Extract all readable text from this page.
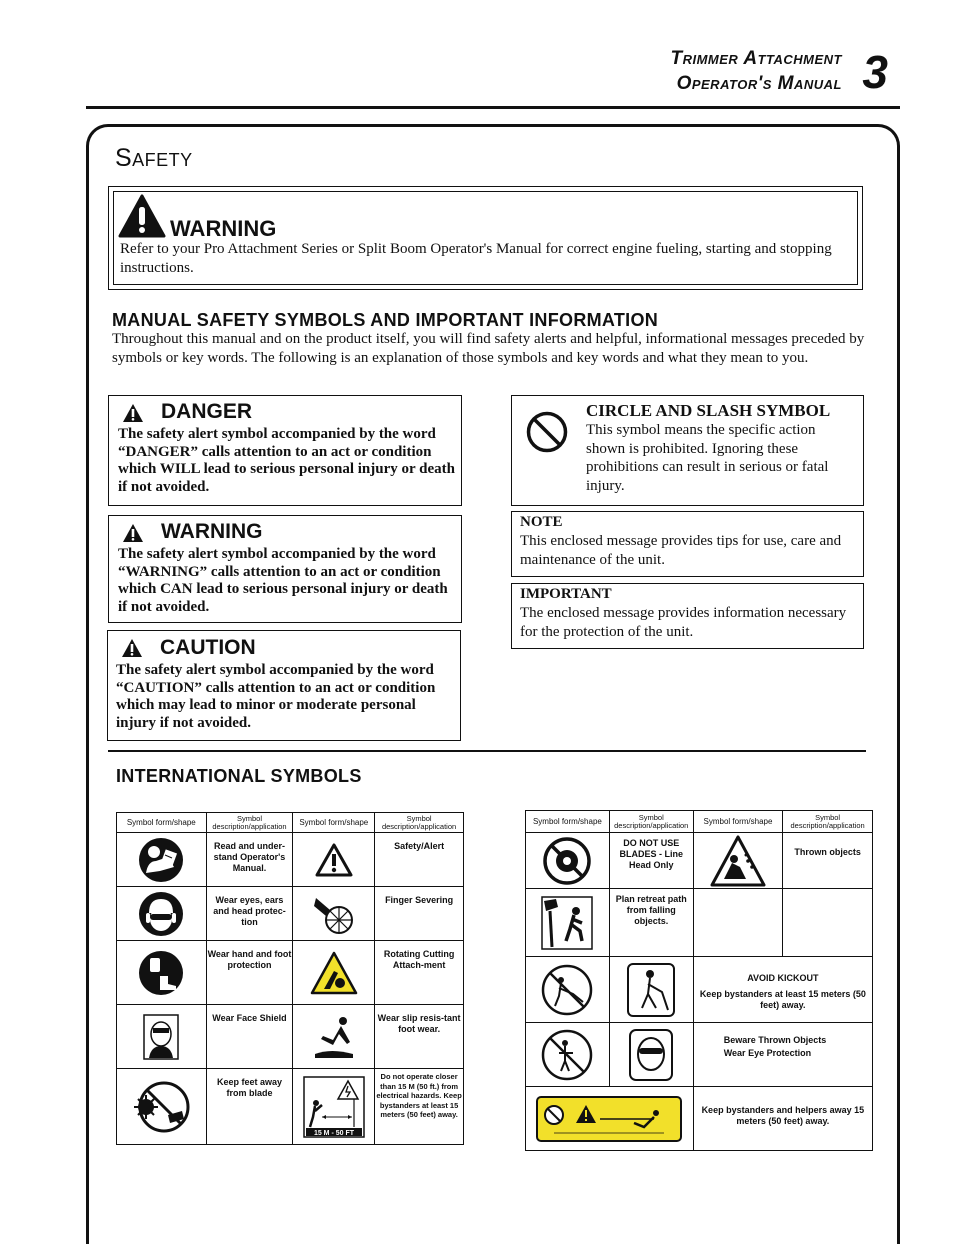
Trimmer Attachment
Operator's Manual 3
Safety
WARNING
Refer to your Pro Attachment Series or Split Boom Operator's Manual for correct engine fueling, starting and stopping instructions.
MANUAL SAFETY SYMBOLS AND IMPORTANT INFORMATION
Throughout this manual and on the product itself, you will find safety alerts and helpful, informational messages preceded by symbols or key words. The following is an explanation of those symbols and key words and what they mean to you.
DANGER
The safety alert symbol accompanied by the word “DANGER” calls attention to an act or condition which WILL lead to serious personal injury or death if not avoided.
WARNING
The safety alert symbol accompanied by the word “WARNING” calls attention to an act or condition which CAN lead to serious personal injury or death if not avoided.
CAUTION
The safety alert symbol accompanied by the word “CAUTION” calls attention to an act or condition which may lead to minor or moderate personal injury if not avoided.
CIRCLE AND SLASH SYMBOL
This symbol means the specific action shown is prohibited. Ignoring these prohibitions can result in serious or fatal injury.
NOTE
This enclosed message provides tips for use, care and maintenance of the unit.
IMPORTANT
The enclosed message provides information necessary for the protection of the unit.
INTERNATIONAL SYMBOLS
Symbol form/shape	Symbol description/application	Symbol form/shape	Symbol description/application

	Read and under-stand Operator's Manual.		Safety/Alert

	Wear eyes, ears and head protec-tion		Finger Severing

	Wear hand and foot protection		Rotating Cutting Attach-ment

	Wear Face Shield		Wear slip resis-tant foot wear.

	Keep feet away from blade	15 M - 50 FT	Do not operate closer than 15 M (50 ft.) from electrical hazards. Keep bystanders at least 15 meters (50 feet) away.
Symbol form/shape	Symbol description/application	Symbol form/shape	Symbol description/application

	DO NOT USE BLADES - Line Head Only		Thrown objects

	Plan retreat path from falling objects.		

AVOID KICKOUT
Keep bystanders at least 15 meters (50 feet) away.	

Beware Thrown Objects
Wear Eye Protection	

	Keep bystanders and helpers away 15 meters (50 feet) away.	
